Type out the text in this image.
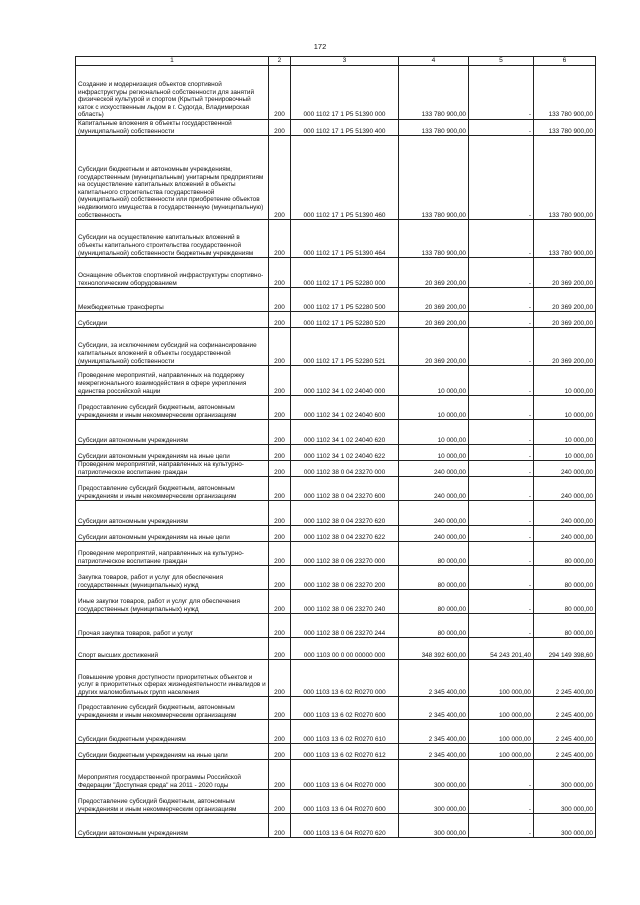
172
1	2	3	4	5	6
Создание и модернизация объектов спортивной инфраструктуры региональной собственности для занятий физической культурой и спортом (Крытый тренировочный каток с искусственным льдом в г. Судогда, Владимирская область)	200	000 1102 17 1 P5 51390 000	133 780 900,00	-	133 780 900,00
Капитальные вложения в объекты государственной (муниципальной) собственности	200	000 1102 17 1 P5 51390 400	133 780 900,00	-	133 780 900,00
Субсидии бюджетным и автономным учреждениям, государственным (муниципальным) унитарным предприятиям на осуществление капитальных вложений в объекты капитального строительства государственной (муниципальной) собственности или приобретение объектов недвижимого имущества в государственную (муниципальную) собственность	200	000 1102 17 1 P5 51390 460	133 780 900,00	-	133 780 900,00
Субсидии на осуществление капитальных вложений в объекты капитального строительства государственной (муниципальной) собственности бюджетным учреждениям	200	000 1102 17 1 P5 51390 464	133 780 900,00	-	133 780 900,00
Оснащение объектов спортивной инфраструктуры спортивно-технологическим оборудованием	200	000 1102 17 1 P5 52280 000	20 369 200,00	-	20 369 200,00
Межбюджетные трансферты	200	000 1102 17 1 P5 52280 500	20 369 200,00	-	20 369 200,00
Субсидии	200	000 1102 17 1 P5 52280 520	20 369 200,00	-	20 369 200,00
Субсидии, за исключением субсидий на софинансирование капитальных вложений в объекты государственной (муниципальной) собственности	200	000 1102 17 1 P5 52280 521	20 369 200,00	-	20 369 200,00
Проведение мероприятий, направленных на поддержку межрегионального взаимодействия в сфере укрепления единства российской нации	200	000 1102 34 1 02 24040 000	10 000,00	-	10 000,00
Предоставление субсидий бюджетным, автономным учреждениям и иным некоммерческим организациям	200	000 1102 34 1 02 24040 600	10 000,00	-	10 000,00
Субсидии автономным учреждениям	200	000 1102 34 1 02 24040 620	10 000,00	-	10 000,00
Субсидии автономным учреждениям на иные цели	200	000 1102 34 1 02 24040 622	10 000,00	-	10 000,00
Проведение мероприятий, направленных на культурно-патриотическое воспитание граждан	200	000 1102 38 0 04 23270 000	240 000,00	-	240 000,00
Предоставление субсидий бюджетным, автономным учреждениям и иным некоммерческим организациям	200	000 1102 38 0 04 23270 600	240 000,00	-	240 000,00
Субсидии автономным учреждениям	200	000 1102 38 0 04 23270 620	240 000,00	-	240 000,00
Субсидии автономным учреждениям на иные цели	200	000 1102 38 0 04 23270 622	240 000,00	-	240 000,00
Проведение мероприятий, направленных на культурно-патриотическое воспитание граждан	200	000 1102 38 0 06 23270 000	80 000,00	-	80 000,00
Закупка товаров, работ и услуг для обеспечения государственных (муниципальных) нужд	200	000 1102 38 0 06 23270 200	80 000,00	-	80 000,00
Иные закупки товаров, работ и услуг для обеспечения государственных (муниципальных) нужд	200	000 1102 38 0 06 23270 240	80 000,00	-	80 000,00
Прочая закупка товаров, работ и услуг	200	000 1102 38 0 06 23270 244	80 000,00	-	80 000,00
Спорт высших достижений	200	000 1103 00 0 00 00000 000	348 392 600,00	54 243 201,40	294 149 398,60
Повышение уровня доступности приоритетных объектов и услуг в приоритетных сферах жизнедеятельности инвалидов и других маломобильных групп населения	200	000 1103 13 6 02 R0270 000	2 345 400,00	100 000,00	2 245 400,00
Предоставление субсидий бюджетным, автономным учреждениям и иным некоммерческим организациям	200	000 1103 13 6 02 R0270 600	2 345 400,00	100 000,00	2 245 400,00
Субсидии бюджетным учреждениям	200	000 1103 13 6 02 R0270 610	2 345 400,00	100 000,00	2 245 400,00
Субсидии бюджетным учреждениям на иные цели	200	000 1103 13 6 02 R0270 612	2 345 400,00	100 000,00	2 245 400,00
Мероприятия государственной программы Российской Федерации "Доступная среда" на 2011 - 2020 годы	200	000 1103 13 6 04 R0270 000	300 000,00	-	300 000,00
Предоставление субсидий бюджетным, автономным учреждениям и иным некоммерческим организациям	200	000 1103 13 6 04 R0270 600	300 000,00	-	300 000,00
Субсидии автономным учреждениям	200	000 1103 13 6 04 R0270 620	300 000,00	-	300 000,00
